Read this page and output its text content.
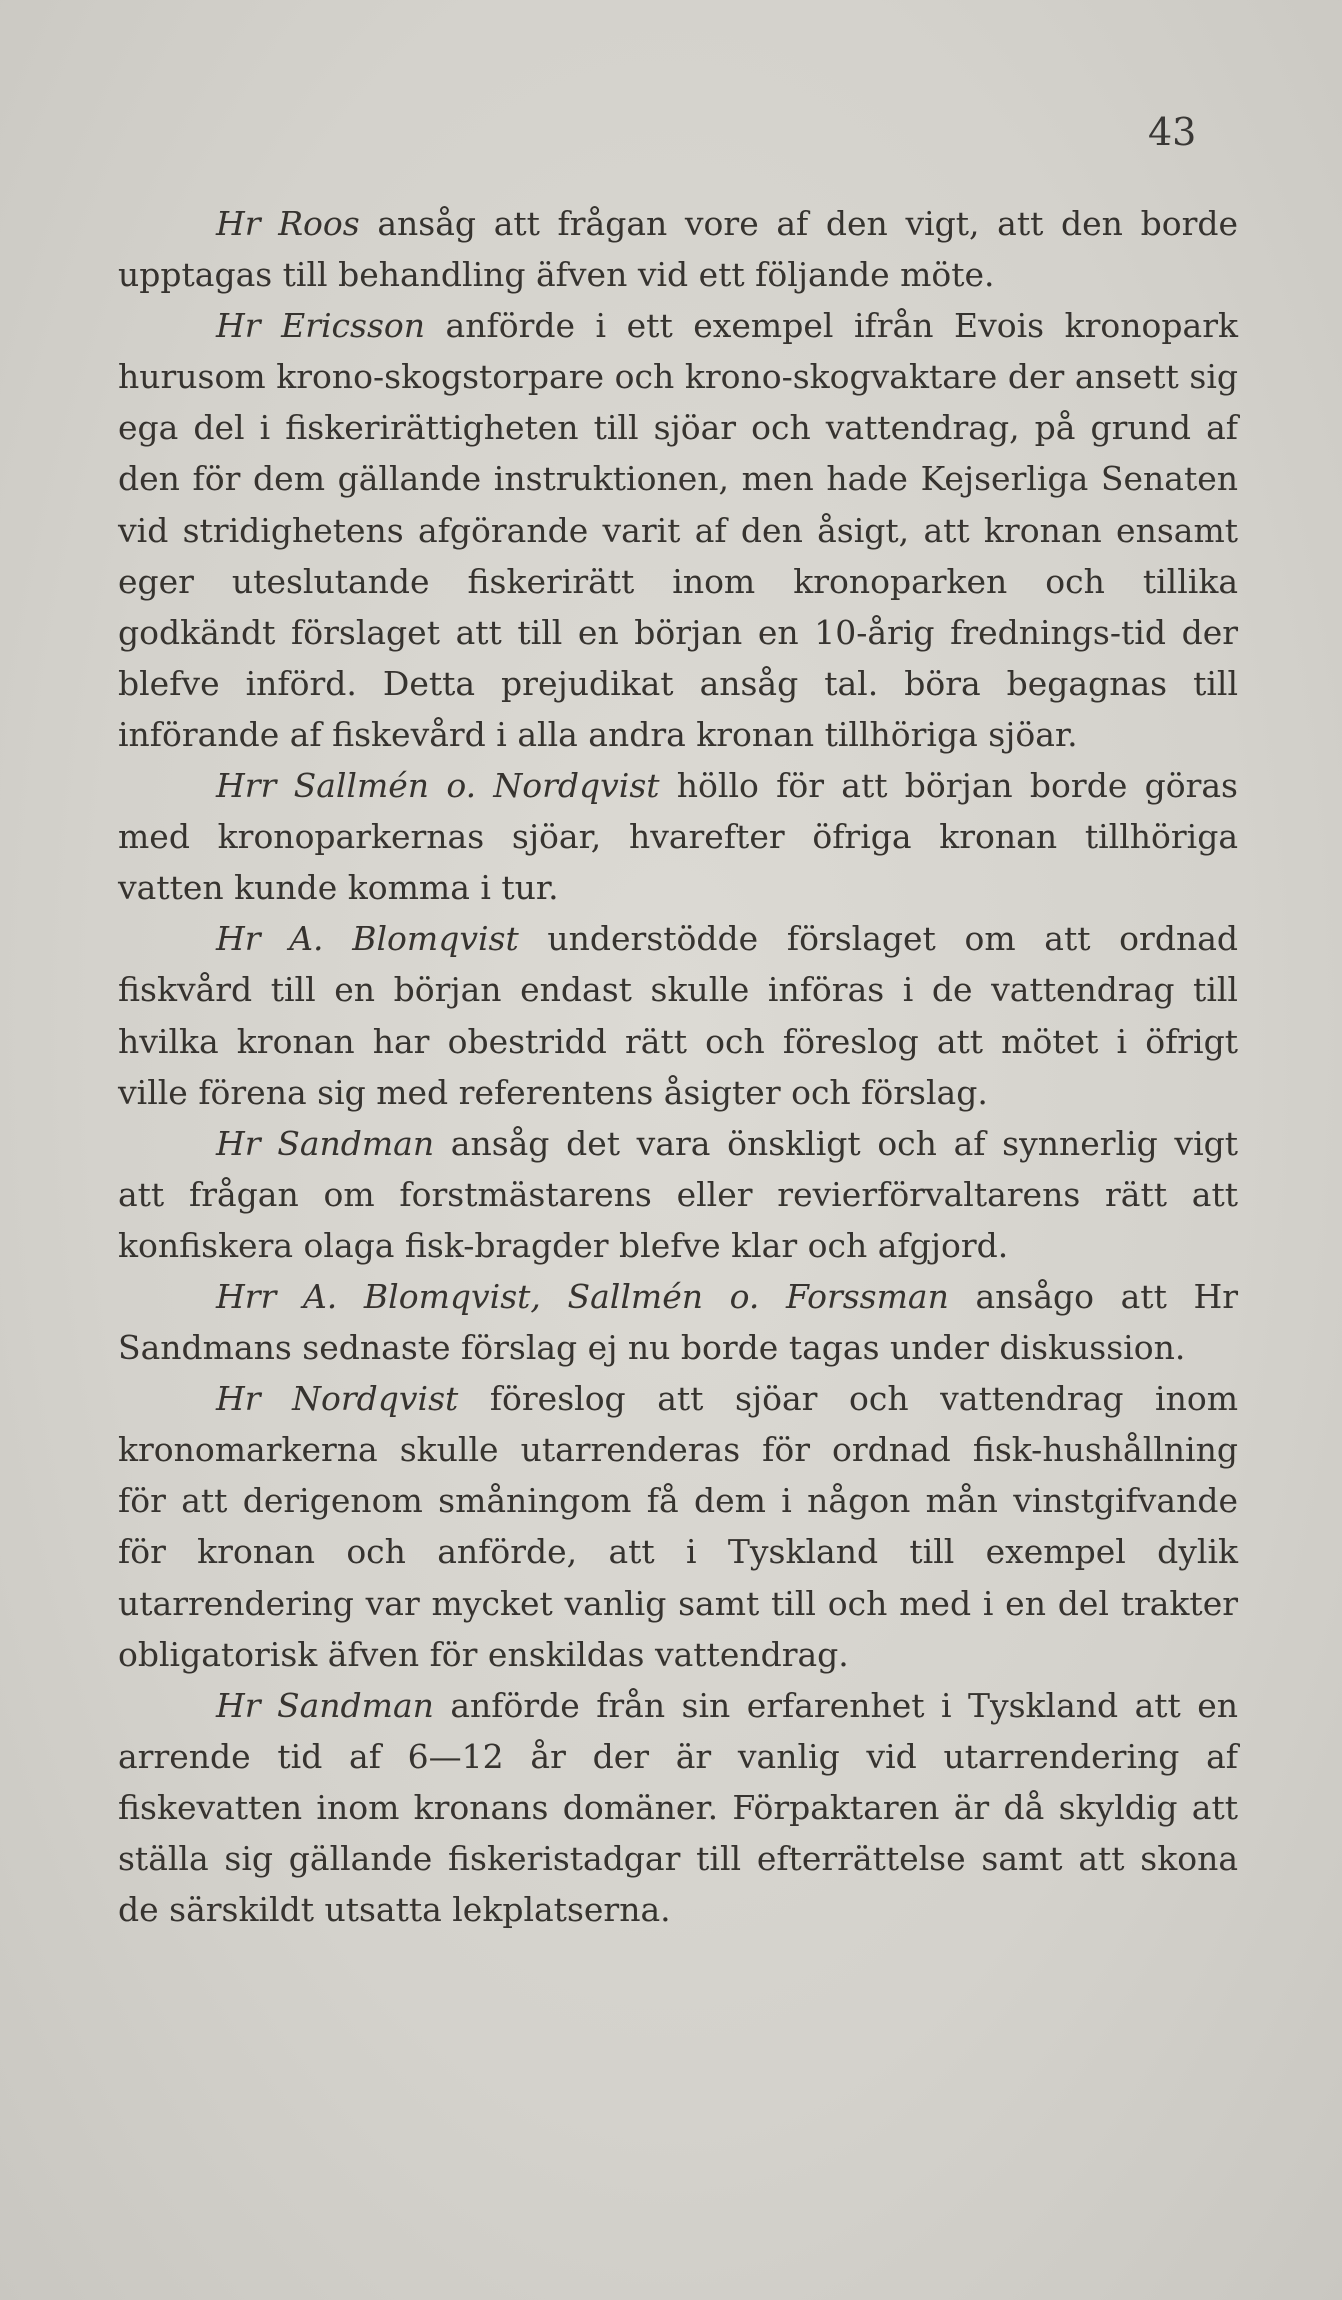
43

Hr Roos ansåg att frågan vore af den vigt, att den borde upptagas till behandling äfven vid ett följande möte.

Hr Ericsson anförde i ett exempel ifrån Evois kronopark hurusom krono-skogstorpare och krono-skogvaktare der ansett sig ega del i fiskerirättigheten till sjöar och vattendrag, på grund af den för dem gällande instruktionen, men hade Kejserliga Senaten vid stridighetens afgörande varit af den åsigt, att kronan ensamt eger uteslutande fiskerirätt inom kronoparken och tillika godkändt förslaget att till en början en 10-årig frednings-tid der blefve införd. Detta prejudikat ansåg tal. böra begagnas till införande af fiskevård i alla andra kronan tillhöriga sjöar.

Hrr Sallmén o. Nordqvist höllo för att början borde göras med kronoparkernas sjöar, hvarefter öfriga kronan tillhöriga vatten kunde komma i tur.

Hr A. Blomqvist understödde förslaget om att ordnad fiskvård till en början endast skulle införas i de vattendrag till hvilka kronan har obestridd rätt och föreslog att mötet i öfrigt ville förena sig med referentens åsigter och förslag.

Hr Sandman ansåg det vara önskligt och af synnerlig vigt att frågan om forstmästarens eller revierförvaltarens rätt att konfiskera olaga fisk-bragder blefve klar och afgjord.

Hrr A. Blomqvist, Sallmén o. Forssman ansågo att Hr Sandmans sednaste förslag ej nu borde tagas under diskussion.

Hr Nordqvist föreslog att sjöar och vattendrag inom kronomarkerna skulle utarrenderas för ordnad fisk-hushållning för att derigenom småningom få dem i någon mån vinstgifvande för kronan och anförde, att i Tyskland till exempel dylik utarrendering var mycket vanlig samt till och med i en del trakter obligatorisk äfven för enskildas vattendrag.

Hr Sandman anförde från sin erfarenhet i Tyskland att en arrende tid af 6—12 år der är vanlig vid utarrendering af fiskevatten inom kronans domäner. Förpaktaren är då skyldig att ställa sig gällande fiskeristadgar till efterrättelse samt att skona de särskildt utsatta lekplatserna.
